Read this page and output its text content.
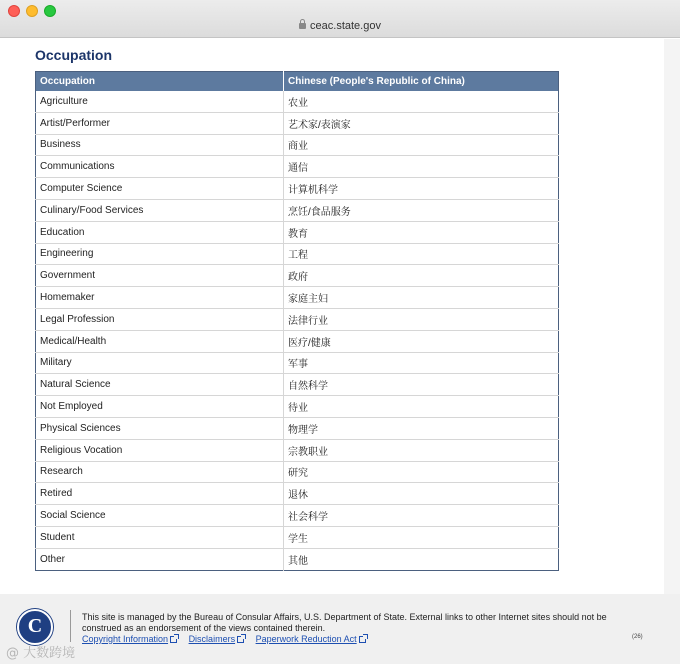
ceac.state.gov
Occupation
Occupation	Chinese (People's Republic of China)
Agriculture	农业
Artist/Performer	艺术家/表演家
Business	商业
Communications	通信
Computer Science	计算机科学
Culinary/Food Services	烹饪/食品服务
Education	教育
Engineering	工程
Government	政府
Homemaker	家庭主妇
Legal Profession	法律行业
Medical/Health	医疗/健康
Military	军事
Natural Science	自然科学
Not Employed	待业
Physical Sciences	物理学
Religious Vocation	宗教职业
Research	研究
Retired	退休
Social Science	社会科学
Student	学生
Other	其他
C	This site is managed by the Bureau of Consular Affairs, U.S. Department of State. External links to other Internet sites should not be construed as an endorsement of the views contained therein.
Copyright Information Disclaimers Paperwork Reduction Act	(26)
@ 大数跨境
